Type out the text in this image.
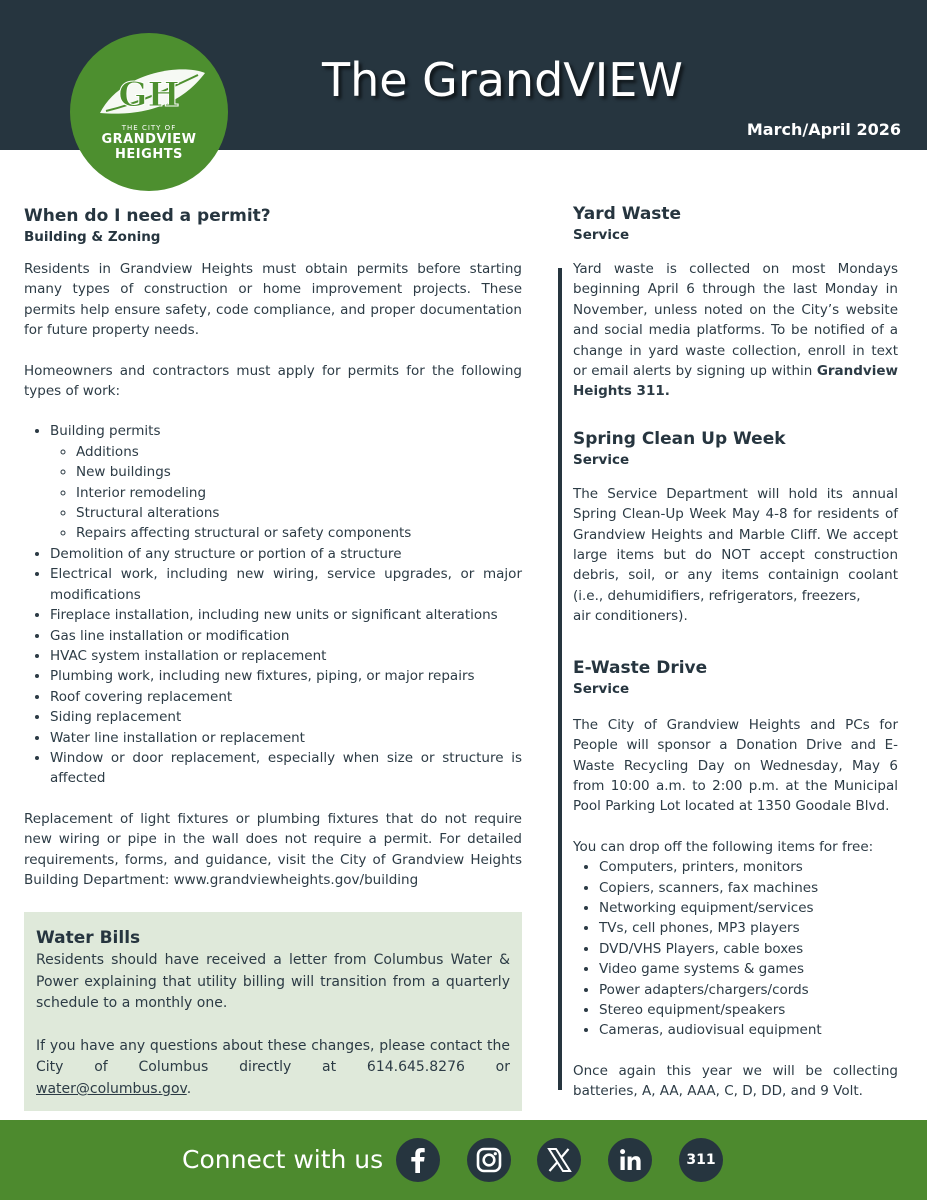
The GrandVIEW
March/April 2026
GH
THE CITY OF
GRANDVIEW
HEIGHTS
When do I need a permit?
Building & Zoning

Residents in Grandview Heights must obtain permits before starting many types of construction or home improvement projects. These permits help ensure safety, code compliance, and proper documentation for future property needs.

Homeowners and contractors must apply for permits for the following types of work:

• Building permits
◦ Additions
◦ New buildings
◦ Interior remodeling
◦ Structural alterations
◦ Repairs affecting structural or safety components
• Demolition of any structure or portion of a structure
• Electrical work, including new wiring, service upgrades, or major modifications
• Fireplace installation, including new units or significant alterations
• Gas line installation or modification
• HVAC system installation or replacement
• Plumbing work, including new fixtures, piping, or major repairs
• Roof covering replacement
• Siding replacement
• Water line installation or replacement
• Window or door replacement, especially when size or structure is affected

Replacement of light fixtures or plumbing fixtures that do not require new wiring or pipe in the wall does not require a permit. For detailed requirements, forms, and guidance, visit the City of Grandview Heights Building Department: www.grandviewheights.gov/building

Water Bills

Residents should have received a letter from Columbus Water & Power explaining that utility billing will transition from a quarterly schedule to a monthly one.

If you have any questions about these changes, please contact the City of Columbus directly at 614.645.8276 or water@columbus.gov.

Yard Waste
Service

Yard waste is collected on most Mondays beginning April 6 through the last Monday in November, unless noted on the City’s website and social media platforms. To be notified of a change in yard waste collection, enroll in text or email alerts by signing up within Grandview Heights 311.

Spring Clean Up Week
Service

The Service Department will hold its annual Spring Clean-Up Week May 4-8 for residents of Grandview Heights and Marble Cliff. We accept large items but do NOT accept construction debris, soil, or any items containign coolant (i.e., dehumidifiers, refrigerators, freezers,

air conditioners).

E-Waste Drive
Service

The City of Grandview Heights and PCs for People will sponsor a Donation Drive and E-Waste Recycling Day on Wednesday, May 6 from 10:00 a.m. to 2:00 p.m. at the Municipal Pool Parking Lot located at 1350 Goodale Blvd.

You can drop off the following items for free:

• Computers, printers, monitors
• Copiers, scanners, fax machines
• Networking equipment/services
• TVs, cell phones, MP3 players
• DVD/VHS Players, cable boxes
• Video game systems & games
• Power adapters/chargers/cords
• Stereo equipment/speakers
• Cameras, audiovisual equipment

Once again this year we will be collecting batteries, A, AA, AAA, C, D, DD, and 9 Volt.

Connect with us	311
